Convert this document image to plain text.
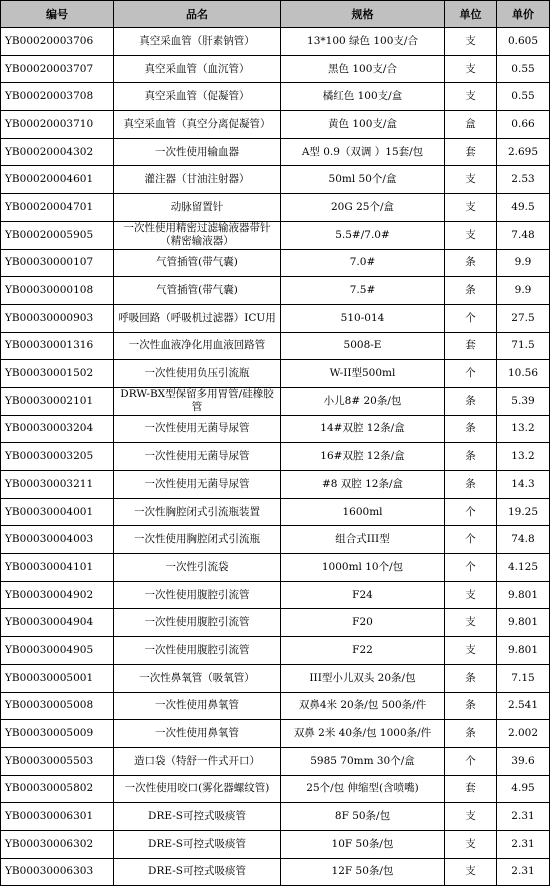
编号	品名	规格	单位	单价
YB00020003706	真空采血管（肝素钠管）	13*100 绿色 100支/合	支	0.605
YB00020003707	真空采血管（血沉管）	黑色 100支/合	支	0.55
YB00020003708	真空采血管（促凝管）	橘红色 100支/盒	支	0.55
YB00020003710	真空采血管（真空分离促凝管）	黄色 100支/盒	盒	0.66
YB00020004302	一次性使用输血器	A型 0.9（双调 ）15套/包	套	2.695
YB00020004601	灌注器（甘油注射器）	50ml 50个/盒	支	2.53
YB00020004701	动脉留置针	20G 25个/盒	支	49.5
YB00020005905	一次性使用精密过滤输液器带针（精密输液器）	5.5#/7.0#	支	7.48
YB00030000107	气管插管(带气囊)	7.0#	条	9.9
YB00030000108	气管插管(带气囊)	7.5#	条	9.9
YB00030000903	呼吸回路（呼吸机过滤器）ICU用	510-014	个	27.5
YB00030001316	一次性血液净化用血液回路管	5008-E	套	71.5
YB00030001502	一次性使用负压引流瓶	W-II型500ml	个	10.56
YB00030002101	DRW-BX型保留多用胃管/硅橡胶管	小儿8# 20条/包	条	5.39
YB00030003204	一次性使用无菌导尿管	14#双腔 12条/盒	条	13.2
YB00030003205	一次性使用无菌导尿管	16#双腔 12条/盒	条	13.2
YB00030003211	一次性使用无菌导尿管	#8 双腔 12条/盒	条	14.3
YB00030004001	一次性胸腔闭式引流瓶装置	1600ml	个	19.25
YB00030004003	一次性使用胸腔闭式引流瓶	组合式III型	个	74.8
YB00030004101	一次性引流袋	1000ml 10个/包	个	4.125
YB00030004902	一次性使用腹腔引流管	F24	支	9.801
YB00030004904	一次性使用腹腔引流管	F20	支	9.801
YB00030004905	一次性使用腹腔引流管	F22	支	9.801
YB00030005001	一次性鼻氧管（吸氧管）	III型小儿双头 20条/包	条	7.15
YB00030005008	一次性使用鼻氧管	双鼻4米 20条/包 500条/件	条	2.541
YB00030005009	一次性使用鼻氧管	双鼻 2米 40条/包 1000条/件	条	2.002
YB00030005503	造口袋（特舒一件式开口）	5985 70mm 30个/盒	个	39.6
YB00030005802	一次性使用咬口(雾化器螺纹管)	25个/包 伸缩型(含喷嘴)	套	4.95
YB00030006301	DRE-S可控式吸痰管	8F 50条/包	支	2.31
YB00030006302	DRE-S可控式吸痰管	10F 50条/包	支	2.31
YB00030006303	DRE-S可控式吸痰管	12F 50条/包	支	2.31
